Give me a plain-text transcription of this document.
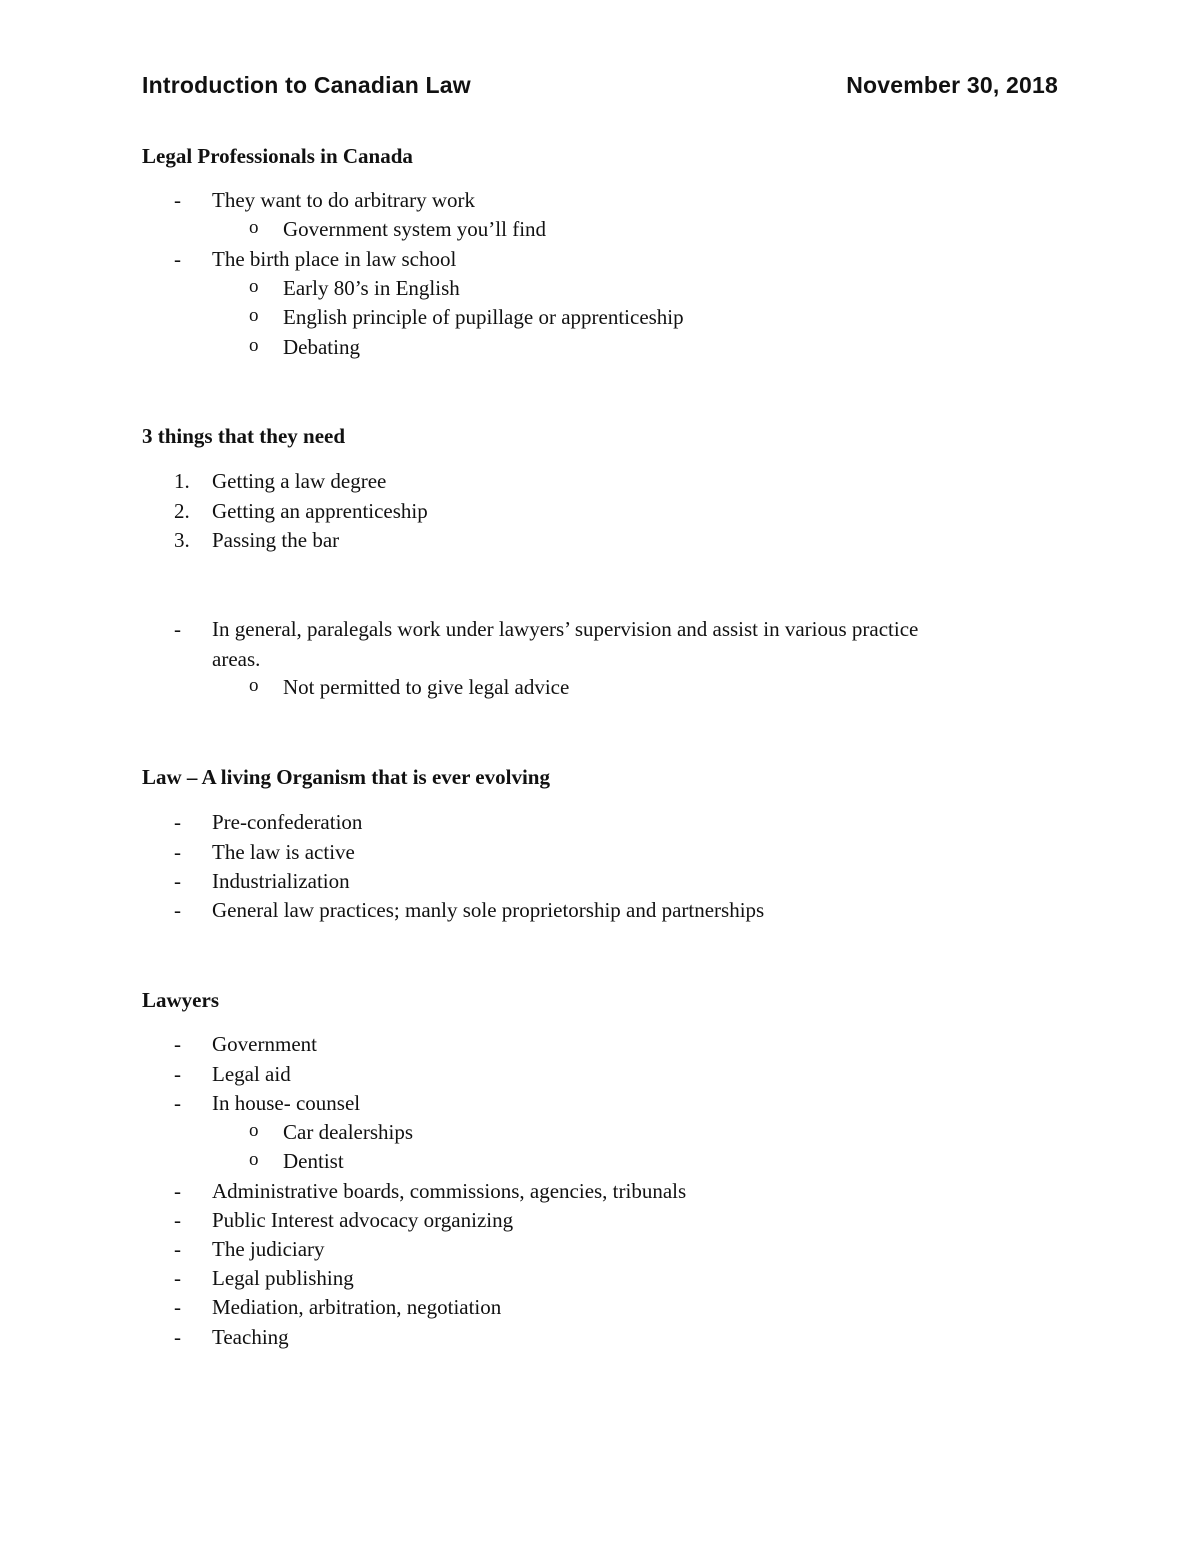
Introduction to Canadian Law	November 30, 2018
Legal Professionals in Canada
- They want to do arbitrary work
o Government system you’ll find
- The birth place in law school
o Early 80’s in English
o English principle of pupillage or apprenticeship
o Debating
3 things that they need
1. Getting a law degree
2. Getting an apprenticeship
3. Passing the bar
- In general, paralegals work under lawyers’ supervision and assist in various practice
areas.
o Not permitted to give legal advice
Law – A living Organism that is ever evolving
- Pre-confederation
- The law is active
- Industrialization
- General law practices; manly sole proprietorship and partnerships
Lawyers
- Government
- Legal aid
- In house- counsel
o Car dealerships
o Dentist
- Administrative boards, commissions, agencies, tribunals
- Public Interest advocacy organizing
- The judiciary
- Legal publishing
- Mediation, arbitration, negotiation
- Teaching
